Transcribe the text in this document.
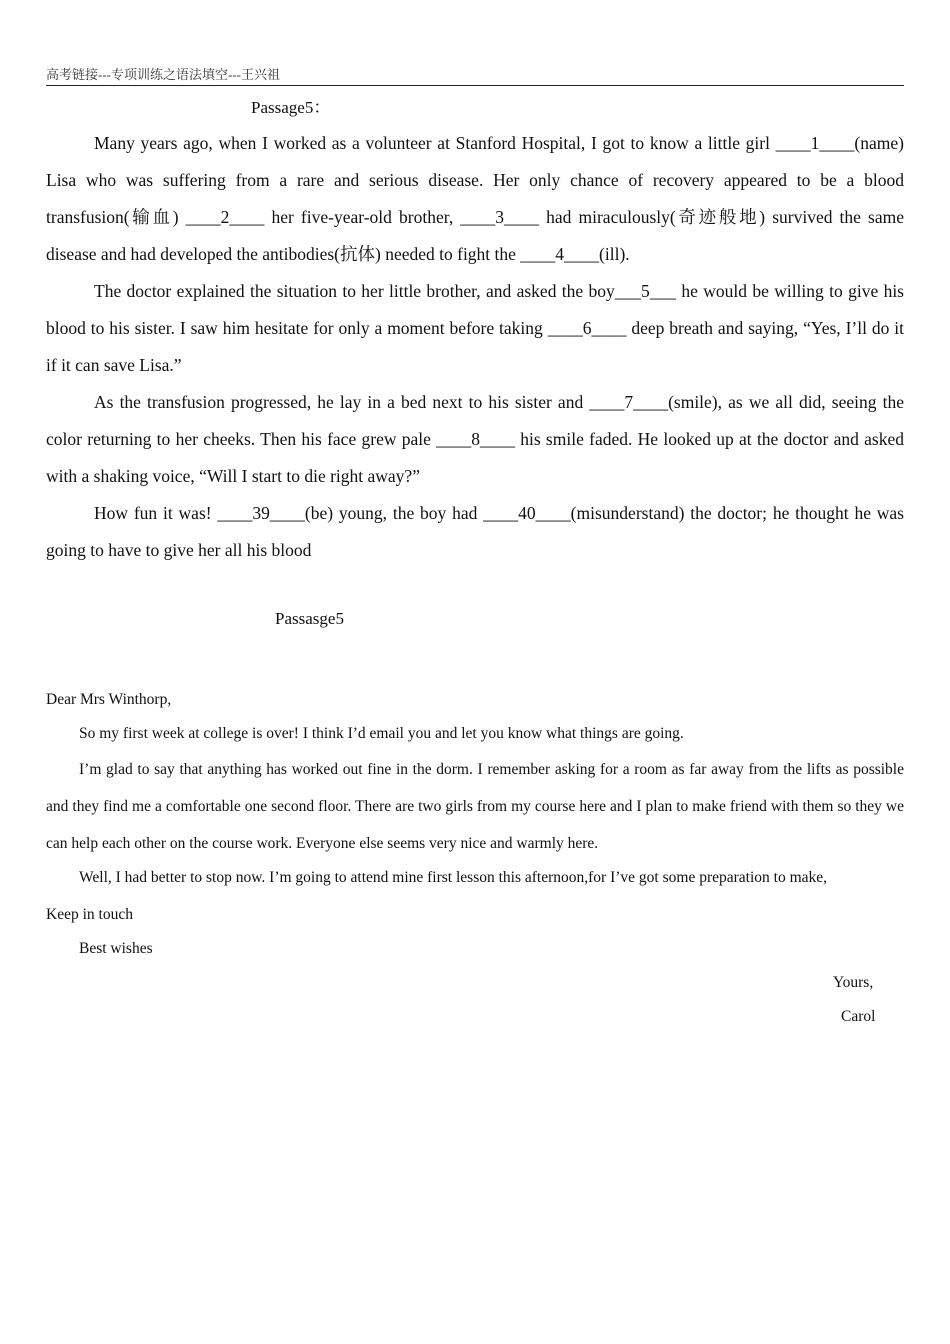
高考链接---专项训练之语法填空---王兴祖
Passage5：

Many years ago, when I worked as a volunteer at Stanford Hospital, I got to know a little girl ____1____(name) Lisa who was suffering from a rare and serious disease. Her only chance of recovery appeared to be a blood transfusion(输血) ____2____ her five-year-old brother, ____3____ had miraculously(奇迹般地) survived the same disease and had developed the antibodies(抗体) needed to fight the ____4____(ill).

The doctor explained the situation to her little brother, and asked the boy___5___ he would be willing to give his blood to his sister. I saw him hesitate for only a moment before taking ____6____ deep breath and saying, “Yes, I’ll do it if it can save Lisa.”

As the transfusion progressed, he lay in a bed next to his sister and ____7____(smile), as we all did, seeing the color returning to her cheeks. Then his face grew pale ____8____ his smile faded. He looked up at the doctor and asked with a shaking voice, “Will I start to die right away?”

How fun it was! ____39____(be) young, the boy had ____40____(misunderstand) the doctor; he thought he was going to have to give her all his blood

Passasge5
Dear Mrs Winthorp,

So my first week at college is over! I think I’d email you and let you know what things are going.

I’m glad to say that anything has worked out fine in the dorm. I remember asking for a room as far away from the lifts as possible and they find me a comfortable one second floor. There are two girls from my course here and I plan to make friend with them so they we can help each other on the course work. Everyone else seems very nice and warmly here.

Well, I had better to stop now. I’m going to attend mine first lesson this afternoon,for I’ve got some preparation to make,

Keep in touch
Best wishes
Yours,
Carol
